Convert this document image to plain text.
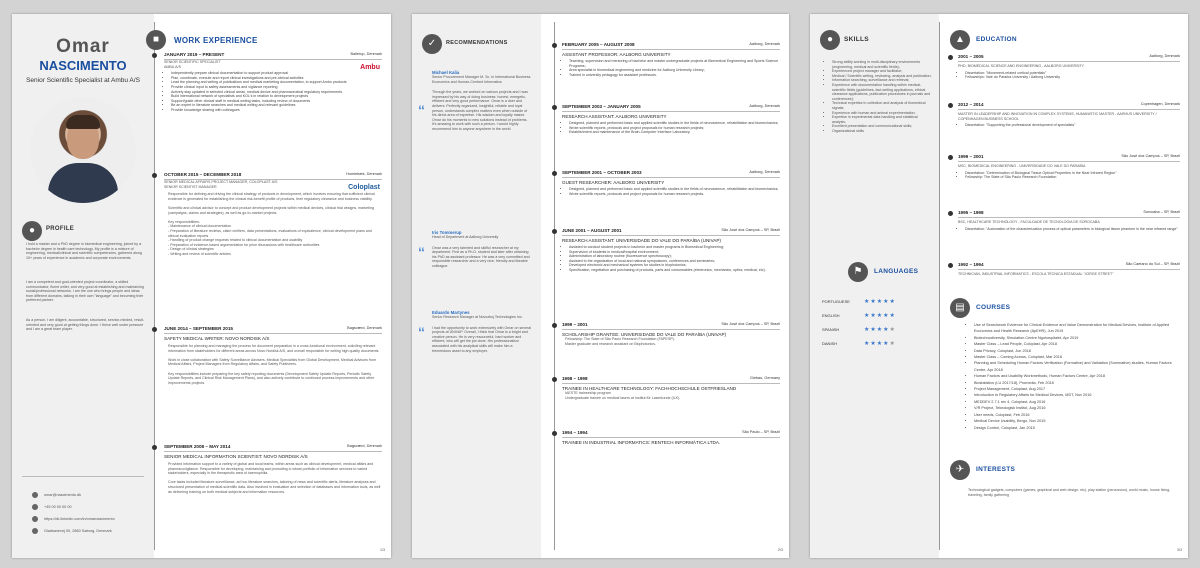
Omar
NASCIMENTO
Senior Scientific Specialist at Ambu A/S
●	PROFILE
I hold a master and a PhD degree in biomedical engineering, joined by a bachelor degree in health care technology. My profile is a mixture of engineering, medical/clinical and scientific competencies, gathered along 15+ years of experience in academic and corporate environments.
I am a competent and goal-oriented project coordinator, a skilled communicator, fluent writer, and very good at establishing and maintaining social/professional networks. I am the one who brings people and ideas from different domains, talking in their own "language" and becoming their preferred partner.
As a person, I am diligent, accountable, structured, service-minded, result-oriented and very good at getting things done. I thrive well under pressure and I am a great team player.
omar@nascimento.dk
+45 00 00 00 00
https://dk.linkedin.com/in/omarnascimento
Gladsaxevej 00, 2860 Søborg, Denmark
■	WORK EXPERIENCE
JANUARY 2019 – PRESENT	Ballerup, Denmark
SENIOR SCIENTIFIC SPECIALIST
AMBU A/S	Ambu
• Independently prepare clinical documentation to support product approval
• Plan, coordinate, execute and report clinical investigations and pre-clinical activities
• Lead the planning and writing of publications and medical marketing documentation, to support Ambu products
• Provide clinical input to safety assessments and vigilance reporting
• Actively stay updated in selected clinical areas, medical device and pharmaceutical regulatory requirements
• Build international network of specialists and KOL's in relation to development projects
• Support/guide other clinical staff in medical writing tasks, including review of documents
• Be an expert in literature searches and medical writing and relevant guidelines
• Provide knowledge sharing with colleagues
OCTOBER 2015 – DECEMBER 2018	Humlebæk, Denmark
SENIOR MEDICAL AFFAIRS PROJECT MANAGER, COLOPLAST A/S
SENIOR SCIENTIST MANAGER	Coloplast

Responsible for defining and driving the clinical strategy of products in development, which involves ensuring that sufficient clinical evidence is generated for establishing the clinical risk-benefit profile of products, their regulatory clearance and business viability.

Scientific and clinical advisor to concept and product development projects within medical devices, clinical trial designs, marketing (campaigns, claims and strategies), as well as go-to-market projects.

Key responsibilities:

- Maintenance of clinical documentation

- Preparation of literature reviews, claim verifiers, data presentations, evaluations of equivalence, clinical development plans and clinical evaluation reports

- Handling of product change requests related to clinical documentation and usability

- Preparation of evidence-based argumentation for price discussions with healthcare authorities

- Design of clinical strategies

- Writing and review of scientific articles

JUNE 2014 – SEPTEMBER 2015	Bagsværd, Denmark
SAFETY MEDICAL WRITER: NOVO NORDISK A/S

Responsible for planning and managing the process for document preparation in a cross-functional environment, soliciting relevant information from stakeholders for different areas across Novo Nordisk A/S, and overall responsible for writing high quality documents.

Work in close collaboration with Safety Surveillance Advisers, Medical Specialists from Global Development, Medical Advisors from Medical Affairs, Project Managers from Regulatory Affairs, and Safety Publishers.

Key responsibilities include preparing the key safety reporting documents (Development Safety Update Reports, Periodic Safety Update Reports, and Clinical Risk Management Plans), and also actively contribute to continued process improvements and other improvements projects.

SEPTEMBER 2008 – MAY 2014	Bagsværd, Denmark
SENIOR MEDICAL INFORMATION SCIENTIST: NOVO NORDISK A/S

Provided information support to a variety of global and local teams, within areas such as clinical development, medical affairs and pharmacovigilance. Responsible for developing, maintaining and promoting a robust portfolio of information services to varied stakeholders, especially in the therapeutic area of haemophilia.

Core tasks included literature surveillance, ad hoc literature searches, tailoring of news and scientific alerts, literature analyses and structured presentation of medical-scientific data. Also involved in evaluation and selection of databases and information tools, as well as delivering training on both medical subjects and information resources.

1/3
✓	RECOMMENDATIONS
Michael Kalia
Senior Procurement Manager M. Sc. in International Business Economics and Human-Centred Informatics
“
Through the years, we worked on various projects and I was impressed by his way of doing business: honest, energetic, efficient and very good performance. Omar is a doer and delivers. Perfectly organized, insightful, reliable and loyal person, understands complex matters even when outside of his direct area of expertise. His wisdom and loyalty makes Omar do his moments to new solutions instead of problems. It's amazing to work with such a person. I would highly recommend him to anyone anywhere in the world
Iris Tommerup
Head of Department at Aalborg University
“ Omar was a very talented and skillful researcher at my department. First as a Ph.D. student and later after obtaining his PhD as assistant professor. He was a very committed and responsible researcher and a very nice, friendly and likeable colleague.
Eduardo Martynes
Senior Research Manager at Novozbuj Technologies Inc.
“ I had the opportunity to work extensively with Omar on several projects at UNIVAP. Overall, I think that Omar is a bright and creative person. He is very resourceful, hard worker and efficient, who will get the job done. His professionalism associated with his analytical skills will make him a tremendous asset to any employer.
FEBRUARY 2005 – AUGUST 2008	Aalborg, Denmark
ASSISTANT PROFESSOR: AALBORG UNIVERSITY
• Teaching, supervision and mentoring of bachelor and master undergraduate projects at Biomedical Engineering and Sports Science Programs;
• Area specialist in biomedical engineering and medicine for Aalborg University Library;
• Trained in university pedagogy for assistant professors.
SEPTEMBER 2003 – JANUARY 2005	Aalborg, Denmark
RESEARCH ASSISTANT: AALBORG UNIVERSITY
• Designed, planned and performed basic and applied scientific studies in the fields of neuroscience, rehabilitation and biomechanics;
• Wrote scientific reports, protocols and project proposals for human research projects;
• Establishment and maintenance of the Brain-Computer Interface Laboratory.
SEPTEMBER 2001 – OCTOBER 2003	Aalborg, Denmark
GUEST RESEARCHER: AALBORG UNIVERSITY
• Designed, planned and performed basic and applied scientific studies in the fields of neuroscience, rehabilitation and biomechanics;
• Wrote scientific reports, protocols and project proposals for human research projects.
JUNE 2001 – AUGUST 2001	São José dos Campos – SP, Brazil
RESEARCH ASSISTANT: UNIVERSIDADE DO VALE DO PARAÍBA (UNIVAP)
• Assisted to conduct student projects in bachelor and master programs in Biomedical Engineering;
• Supervision of students in medical/hospital environment;
• Administration of laboratory routine (fluorescence spectroscopy);
• Assisted to the organization of local and national symposiums, conferences and seminaries;
• Developed electronic and mechanical systems for studies in biophotonics;
• Specification, negotiation and purchasing of products, parts and consumables (electronics, mechanics, optics, medical, etc).
1999 – 2001	São José dos Campos – SP, Brazil
SCHOLARSHIP GRANTEE: UNIVERSIDADE DO VALE DO PARAÍBA (UNIVAP)
Fellowship: The State of São Paulo Research Foundation (FAPESP).
Master graduate and research assistant on Biophotonics.
1998 – 1998	Giebau, Germany
TRAINEE IN HEALTHCARE TECHNOLOGY: FACHHOCHSCHULE OSTFRIESLAND
IAESTE traineeship program
Undergraduate trainee on medical lasers at Institut für Laserkunde (ILK).
1994 – 1994	São Paulo – SP, Brazil
TRAINEE IN INDUSTRIAL INFORMATICS: RENTECH INFORMÁTICA LTDA.
2/3
●	SKILLS
• Strong ability working in multi-disciplinary environments (engineering, medical and scientific fields);
• Experienced project manager and facilitator;
• Medical / Scientific writing, reviewing, analysis and publication;
• Information searching, surveillance and retrieval;
• Experience with documentation handling within medical-scientific fields (guidelines, fact-writing applications, ethical clearance applications, publication procedures in journals and conferences);
• Technical expertise in collection and analysis of biomedical signals;
• Experience with human and animal experimentation;
• Expertise in experimental data handling and statistical analysis;
• Excellent presentation and communicational skills;
• Organizational skills
⚑	LANGUAGES
PORTUGUESE	★★★★★
ENGLISH	★★★★★
SPANISH	★★★★★
DANISH	★★★★★
▲	EDUCATION
2001 – 2005	Aalborg, Denmark
PHD, BIOMEDICAL SCIENCE AND ENGINEERING - AALBORG UNIVERSITY
• Dissertation: "Movement-related cortical potentials"
• Fellowships: Vale do Paraíba University / Aalborg University
2012 – 2014	Copenhagen, Denmark
MASTER IN LEADERSHIP AND INNOVATION IN COMPLEX SYSTEMS, HUMANISTIC MASTER - AARHUS UNIVERSITY / COPENHAGEN BUSINESS SCHOOL
• Dissertation: "Supporting the professional development of specialists"
1999 – 2001	São José dos Campos – SP, Brazil
MSC, BIOMEDICAL ENGINEERING - UNIVERSIDADE DO VALE DO PARAÍBA
• Dissertation: "Determination of Biological Tissue Optical Properties in the Near Infrared Region"
• Fellowship: The State of São Paulo Research Foundation
1995 – 1998	Sorocaba – SP, Brazil
BSC, HEALTHCARE TECHNOLOGY - FACULDADE DE TECNOLOGIA DE SOROCABA
• Dissertation: "Automation of the characterization process of optical parameters in biological tissue phantom in the near infrared range"
1992 – 1994	São Caetano do Sul – SP, Brazil
TECHNICIAN, INDUSTRIAL INFORMATICS - ESCOLA TÉCNICA ESTADUAL "JORGE STREET"
▤	COURSES
• Use of Searchwork Evidence for Clinical Evidence and Value Demonstration for Medical Devices, Institute of Applied Economics and Health Research (ApEHR), Jun 2019
• Biotechnodiversity, Simulation Centre Ngohospitalet, Apr 2019
• Master Class – Lead People, Coloplast, Apr 2018
• Data Privacy, Coloplast, Jun 2018
• Master Class – Coming Across, Coloplast, Mar 2018
• Planning and Scheduling Human Factors Verification (Formative) and Validation (Summative) studies, Human Factors Centre, Apr 2018
• Human Factors and Usability Workmethods, Human Factors Centre, Apr 2018
• Biostatistics (LU 2017/18), Promedia, Feb 2018
• Project Management, Coloplast, Aug 2017
• Introduction to Regulatory Affairs for Medical Devices, MDT, Nov 2016
• MEDDEV 2.7.1 rev 4, Coloplast, Aug 2016
• V/R Project, Teknologisk Institut, Aug 2016
• User needs, Coloplast, Feb 2016
• Medical Device Usability, Bergo, Nov 2015
• Design Control, Coloplast, Jan 2015
✈	INTERESTS
Technological gadgets, computers (games, graphical and web design, etc), play station (percussion), world music, house fixing, traveling, family gathering
3/3
